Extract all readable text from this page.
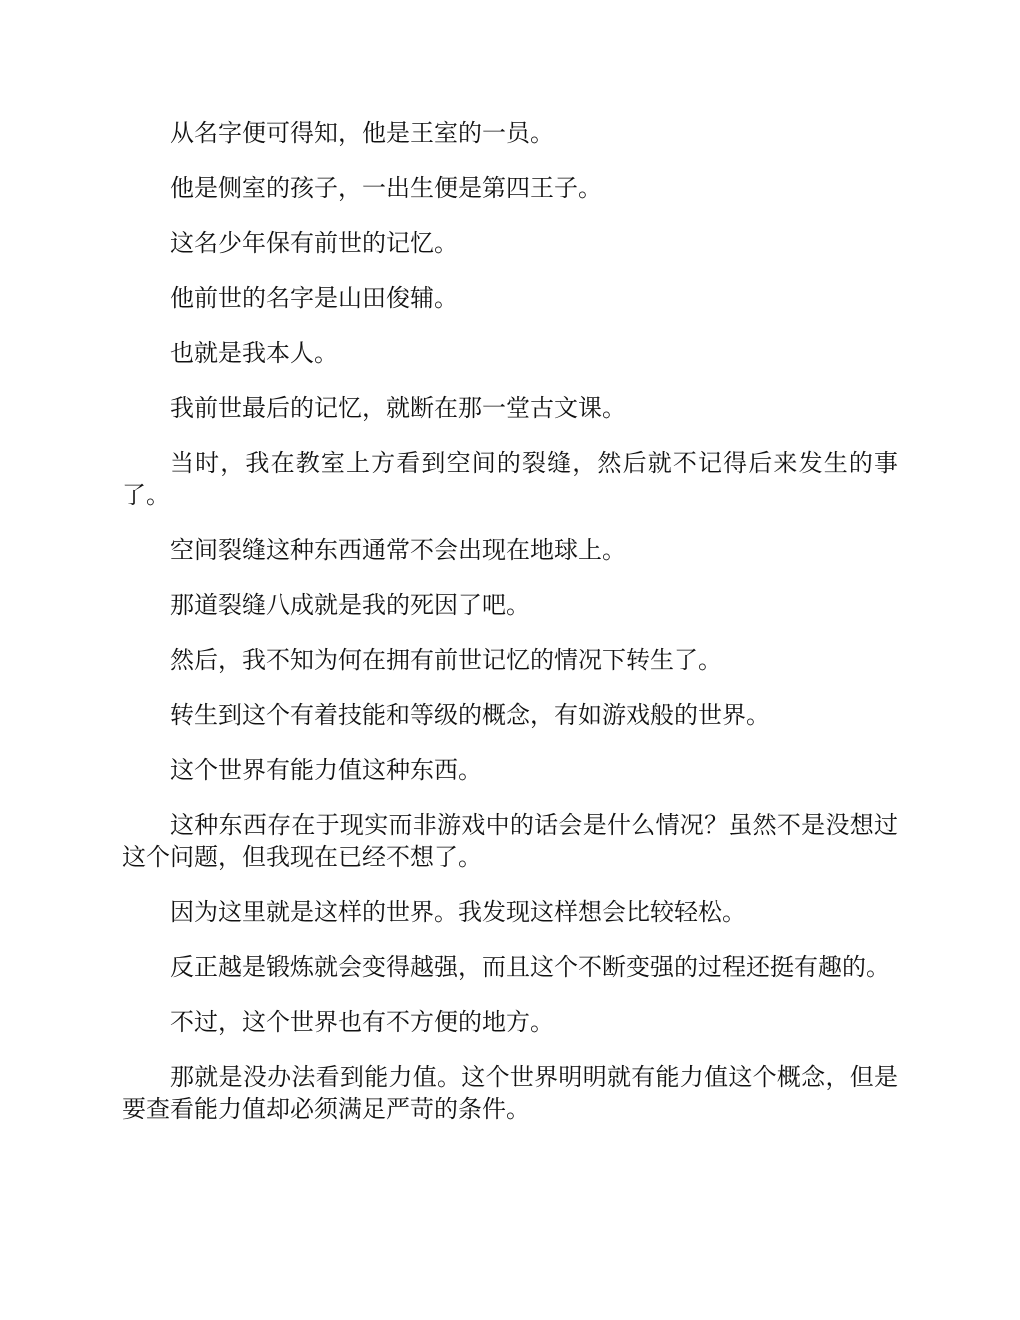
从名字便可得知，他是王室的一员。

他是侧室的孩子，一出生便是第四王子。

这名少年保有前世的记忆。

他前世的名字是山田俊辅。

也就是我本人。

我前世最后的记忆，就断在那一堂古文课。

当时，我在教室上方看到空间的裂缝，然后就不记得后来发生的事了。

空间裂缝这种东西通常不会出现在地球上。

那道裂缝八成就是我的死因了吧。

然后，我不知为何在拥有前世记忆的情况下转生了。

转生到这个有着技能和等级的概念，有如游戏般的世界。

这个世界有能力值这种东西。

这种东西存在于现实而非游戏中的话会是什么情况？虽然不是没想过这个问题，但我现在已经不想了。

因为这里就是这样的世界。我发现这样想会比较轻松。

反正越是锻炼就会变得越强，而且这个不断变强的过程还挺有趣的。

不过，这个世界也有不方便的地方。

那就是没办法看到能力值。这个世界明明就有能力值这个概念，但是要查看能力值却必须满足严苛的条件。
